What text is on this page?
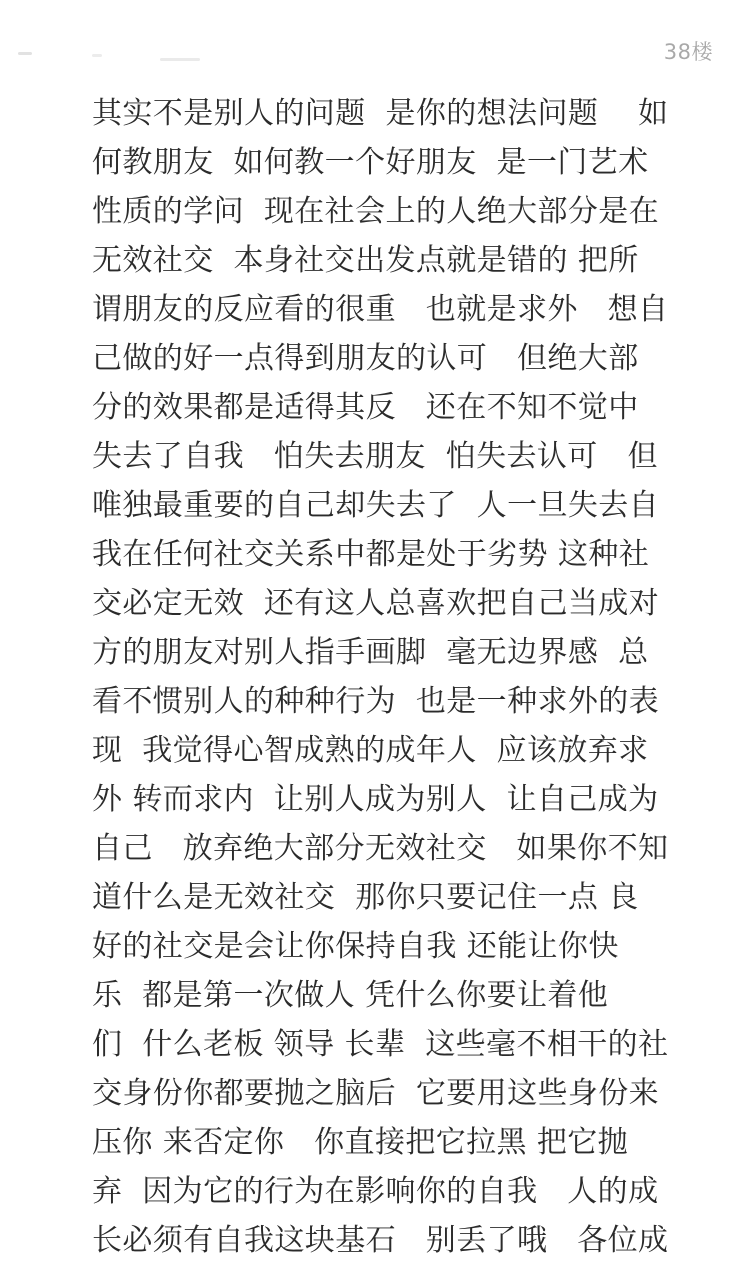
38楼
其实不是别人的问题  是你的想法问题    如
何教朋友  如何教一个好朋友  是一门艺术
性质的学问  现在社会上的人绝大部分是在
无效社交  本身社交出发点就是错的 把所
谓朋友的反应看的很重   也就是求外   想自
己做的好一点得到朋友的认可   但绝大部
分的效果都是适得其反   还在不知不觉中
失去了自我   怕失去朋友  怕失去认可   但
唯独最重要的自己却失去了  人一旦失去自
我在任何社交关系中都是处于劣势 这种社
交必定无效  还有这人总喜欢把自己当成对
方的朋友对别人指手画脚  毫无边界感  总
看不惯别人的种种行为  也是一种求外的表
现  我觉得心智成熟的成年人  应该放弃求
外 转而求内  让别人成为别人  让自己成为
自己   放弃绝大部分无效社交   如果你不知
道什么是无效社交  那你只要记住一点 良
好的社交是会让你保持自我 还能让你快
乐  都是第一次做人 凭什么你要让着他
们  什么老板 领导 长辈  这些毫不相干的社
交身份你都要抛之脑后  它要用这些身份来
压你 来否定你   你直接把它拉黑 把它抛
弃  因为它的行为在影响你的自我   人的成
长必须有自我这块基石   别丢了哦   各位成
